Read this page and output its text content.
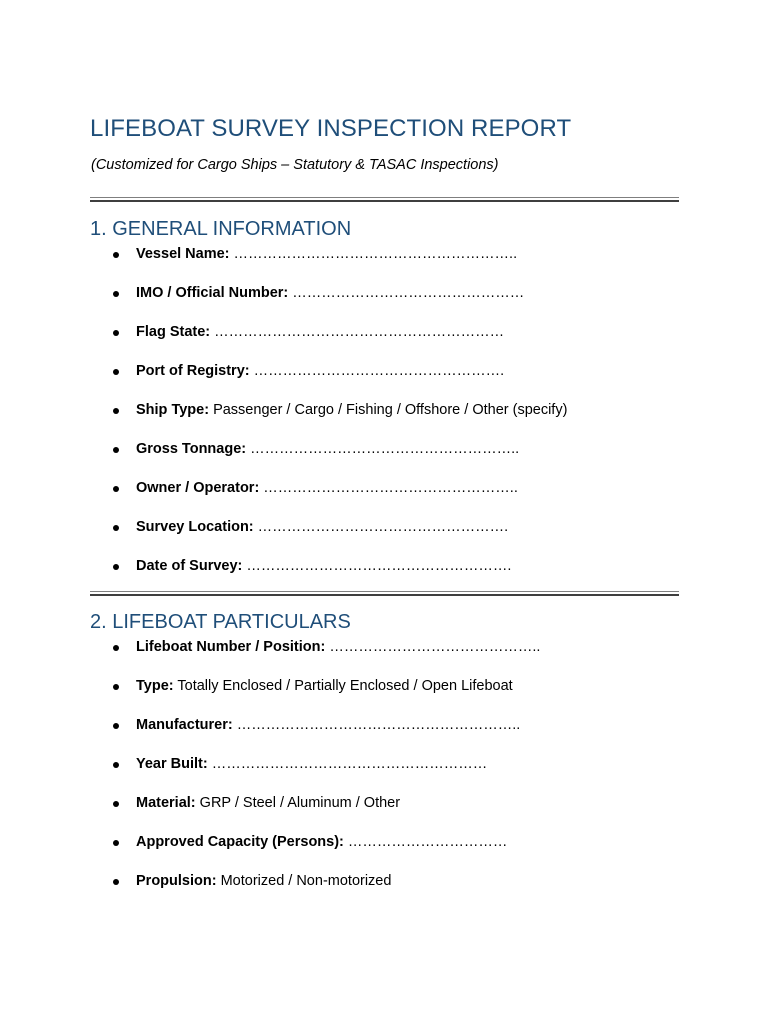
LIFEBOAT SURVEY INSPECTION REPORT

(Customized for Cargo Ships – Statutory & TASAC Inspections)

1. GENERAL INFORMATION
Vessel Name: …………………………………………………..
IMO / Official Number: …………………………………………
Flag State: ……………………………………………………
Port of Registry: …………………………………………….
Ship Type: Passenger / Cargo / Fishing / Offshore / Other (specify)
Gross Tonnage: ………………………………………………..
Owner / Operator: ……………………………………………..
Survey Location: …………………………………………….
Date of Survey: ……………………………………………….
2. LIFEBOAT PARTICULARS
Lifeboat Number / Position: ……………………………………..
Type: Totally Enclosed / Partially Enclosed / Open Lifeboat
Manufacturer: …………………………………………………..
Year Built: …………………………………………………
Material: GRP / Steel / Aluminum / Other
Approved Capacity (Persons): ……………………………
Propulsion: Motorized / Non-motorized
